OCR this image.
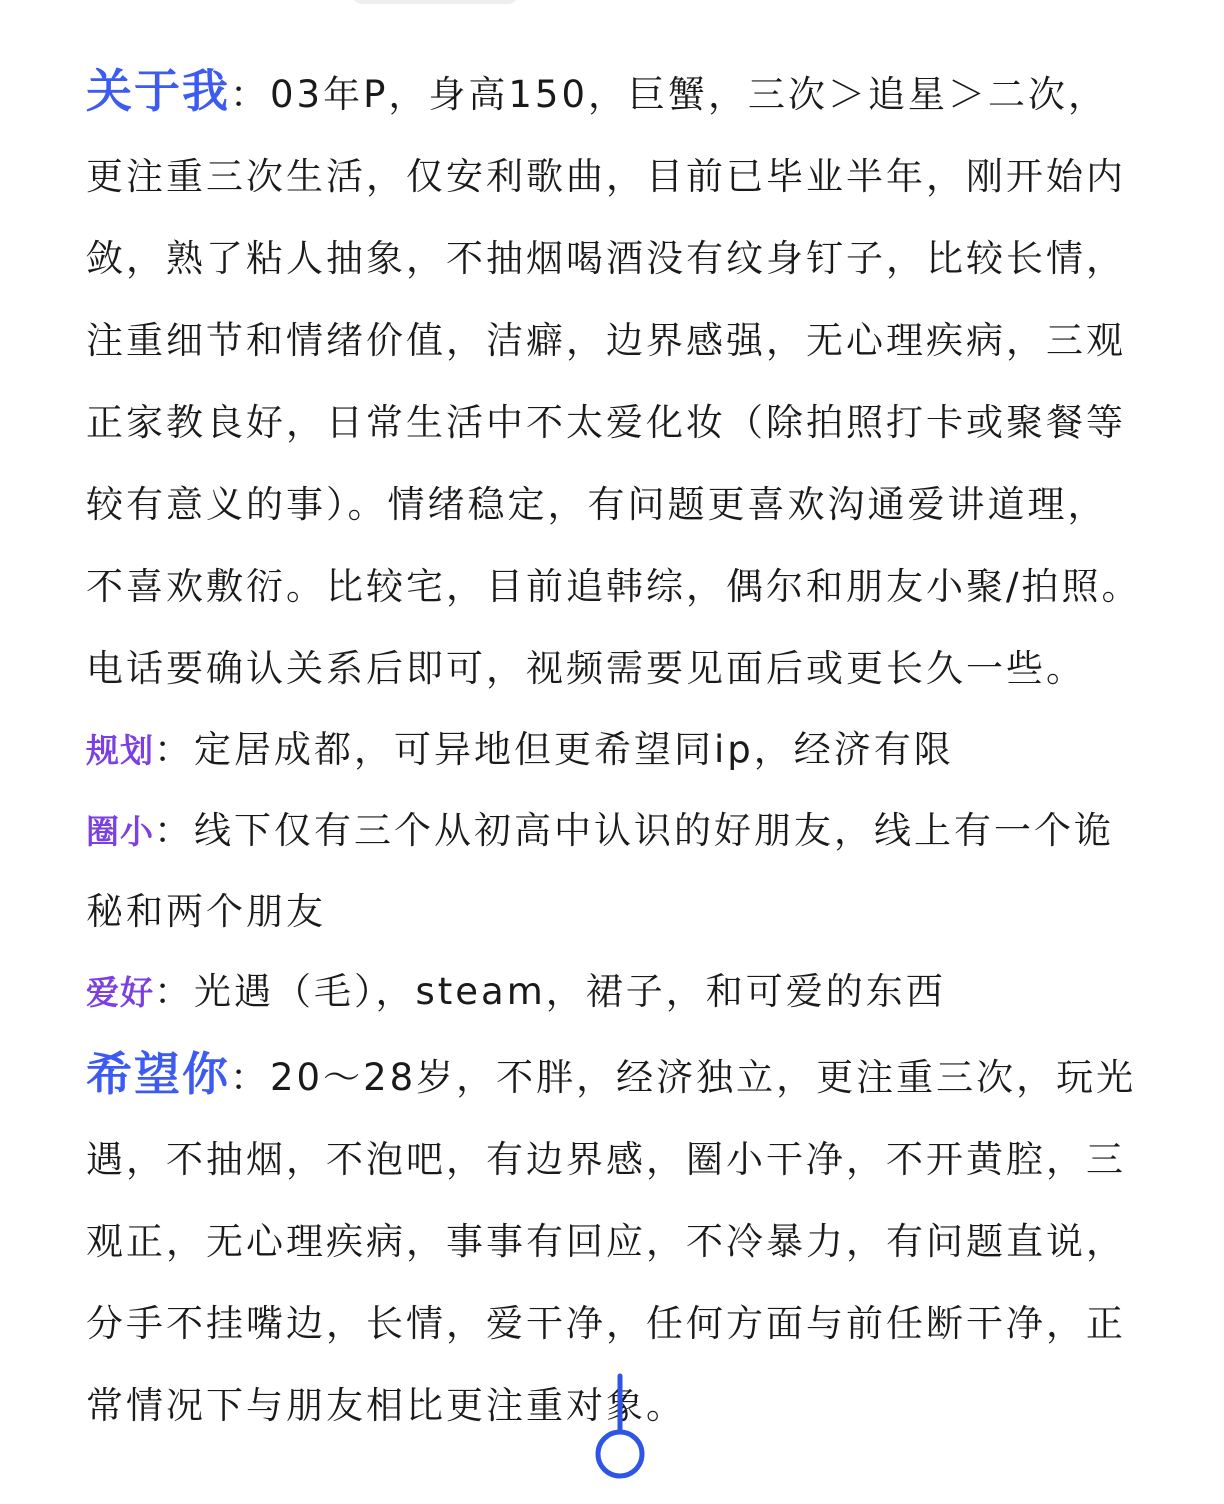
关于我：03年P，身高150，巨蟹，三次＞追星＞二次，更注重三次生活，仅安利歌曲，目前已毕业半年，刚开始内敛，熟了粘人抽象，不抽烟喝酒没有纹身钉子，比较长情，注重细节和情绪价值，洁癖，边界感强，无心理疾病，三观正家教良好，日常生活中不太爱化妆（除拍照打卡或聚餐等较有意义的事）。情绪稳定，有问题更喜欢沟通爱讲道理，不喜欢敷衍。比较宅，目前追韩综，偶尔和朋友小聚/拍照。电话要确认关系后即可，视频需要见面后或更长久一些。

规划：定居成都，可异地但更希望同ip，经济有限

圈小：线下仅有三个从初高中认识的好朋友，线上有一个诡秘和两个朋友

爱好：光遇（毛），steam，裙子，和可爱的东西

希望你：20～28岁，不胖，经济独立，更注重三次，玩光遇，不抽烟，不泡吧，有边界感，圈小干净，不开黄腔，三观正，无心理疾病，事事有回应，不冷暴力，有问题直说，分手不挂嘴边，长情，爱干净，任何方面与前任断干净，正常情况下与朋友相比更注重对象。
